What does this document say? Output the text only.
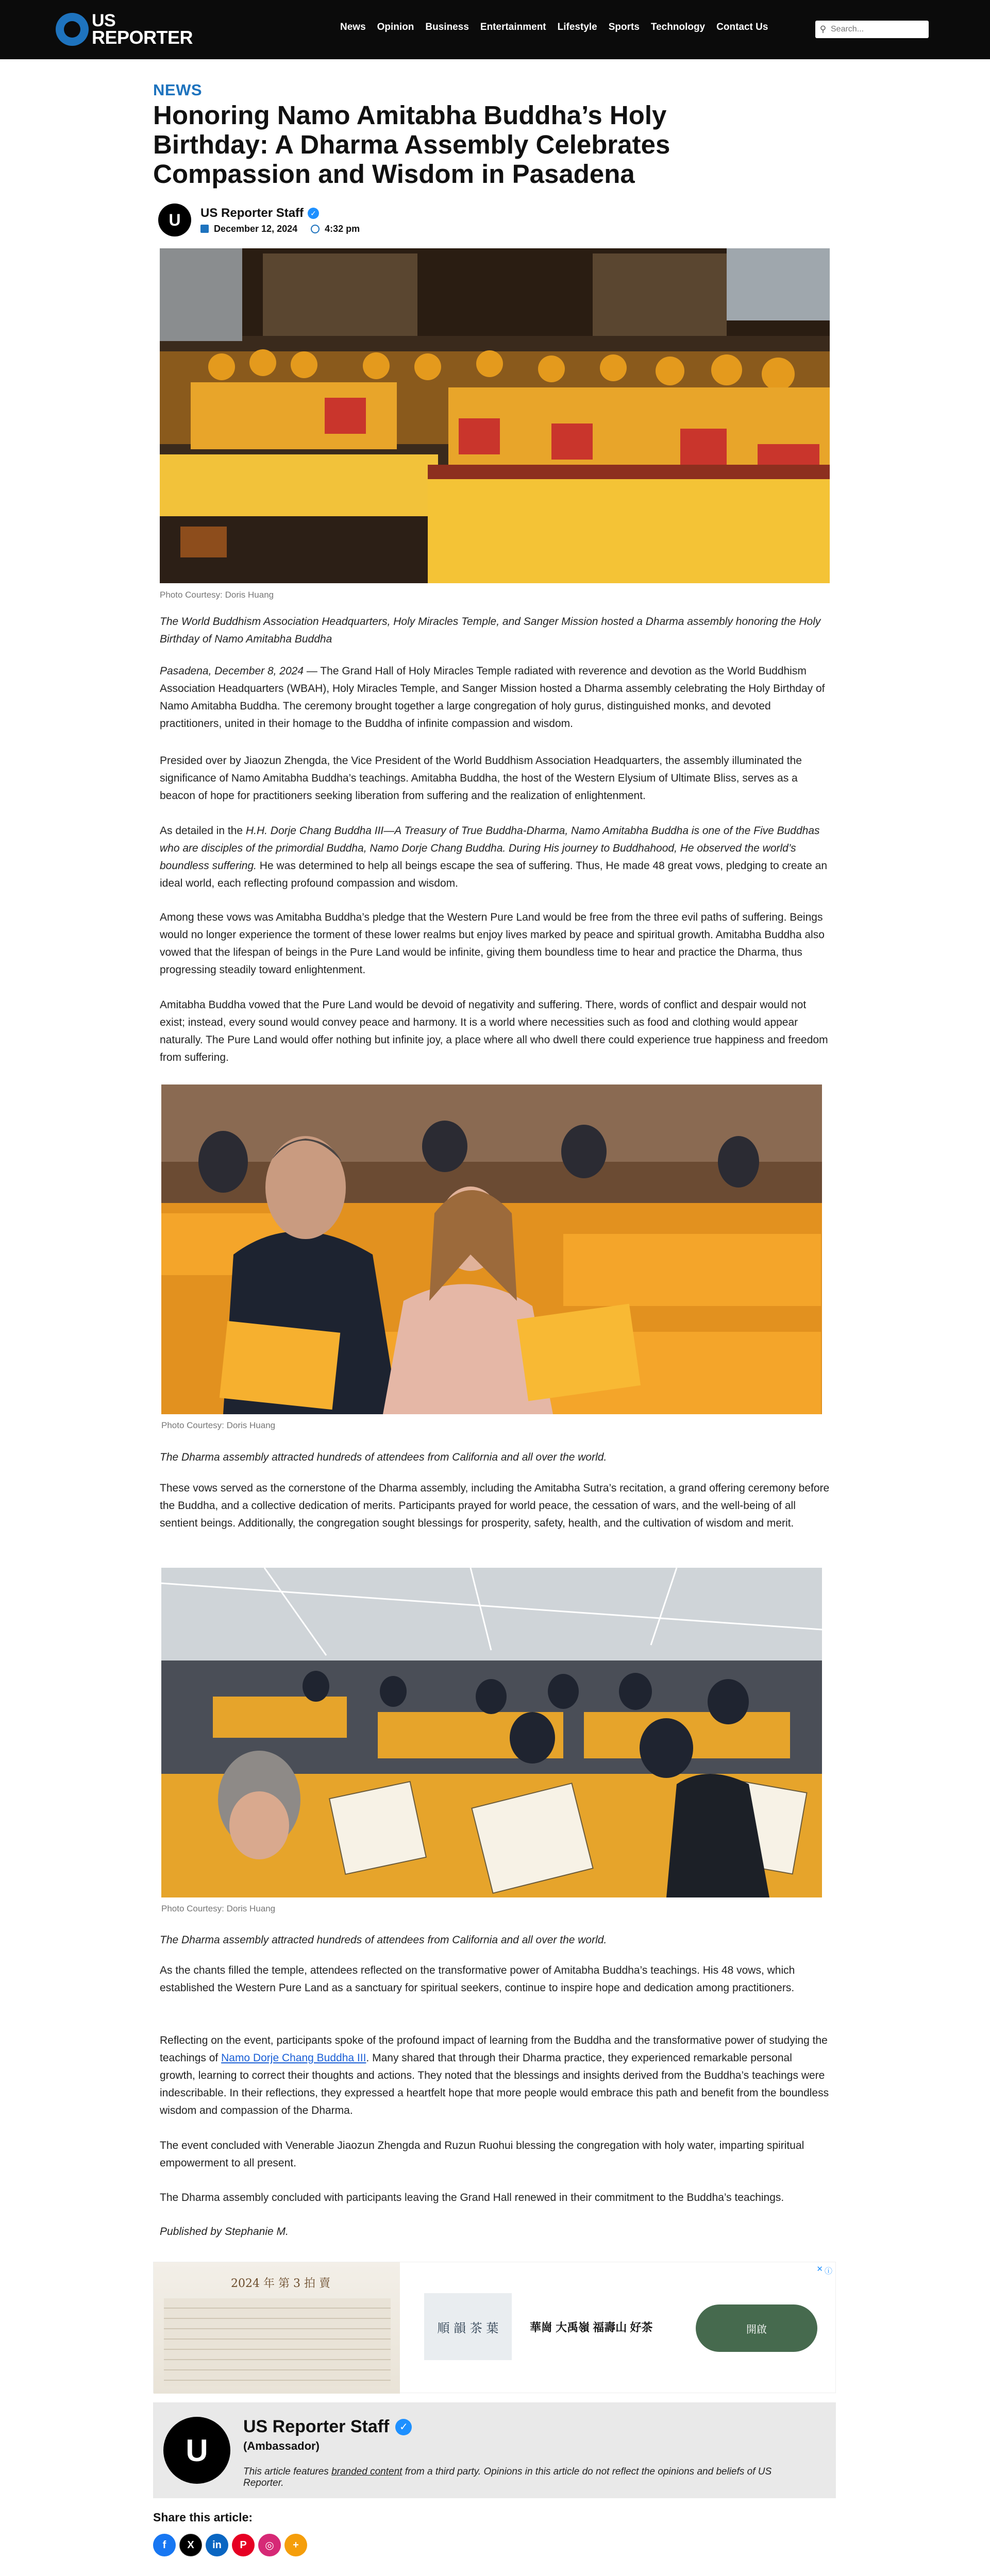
US
REPORTER	News Opinion Business Entertainment Lifestyle Sports Technology Contact Us	⚲
Search...
NEWS
Honoring Namo Amitabha Buddha’s Holy Birthday: A Dharma Assembly Celebrates Compassion and Wisdom in Pasadena
U	US Reporter Staff ✓
December 12, 2024	4:32 pm
Photo Courtesy: Doris Huang

The World Buddhism Association Headquarters, Holy Miracles Temple, and Sanger Mission hosted a Dharma assembly honoring the Holy Birthday of Namo Amitabha Buddha

Pasadena, December 8, 2024 — The Grand Hall of Holy Miracles Temple radiated with reverence and devotion as the World Buddhism Association Headquarters (WBAH), Holy Miracles Temple, and Sanger Mission hosted a Dharma assembly celebrating the Holy Birthday of Namo Amitabha Buddha. The ceremony brought together a large congregation of holy gurus, distinguished monks, and devoted practitioners, united in their homage to the Buddha of infinite compassion and wisdom.

Presided over by Jiaozun Zhengda, the Vice President of the World Buddhism Association Headquarters, the assembly illuminated the significance of Namo Amitabha Buddha’s teachings. Amitabha Buddha, the host of the Western Elysium of Ultimate Bliss, serves as a beacon of hope for practitioners seeking liberation from suffering and the realization of enlightenment.

As detailed in the H.H. Dorje Chang Buddha III—A Treasury of True Buddha-Dharma, Namo Amitabha Buddha is one of the Five Buddhas who are disciples of the primordial Buddha, Namo Dorje Chang Buddha. During His journey to Buddhahood, He observed the world’s boundless suffering. He was determined to help all beings escape the sea of suffering. Thus, He made 48 great vows, pledging to create an ideal world, each reflecting profound compassion and wisdom.

Among these vows was Amitabha Buddha’s pledge that the Western Pure Land would be free from the three evil paths of suffering. Beings would no longer experience the torment of these lower realms but enjoy lives marked by peace and spiritual growth. Amitabha Buddha also vowed that the lifespan of beings in the Pure Land would be infinite, giving them boundless time to hear and practice the Dharma, thus progressing steadily toward enlightenment.

Amitabha Buddha vowed that the Pure Land would be devoid of negativity and suffering. There, words of conflict and despair would not exist; instead, every sound would convey peace and harmony. It is a world where necessities such as food and clothing would appear naturally. The Pure Land would offer nothing but infinite joy, a place where all who dwell there could experience true happiness and freedom from suffering.

Photo Courtesy: Doris Huang

The Dharma assembly attracted hundreds of attendees from California and all over the world.

These vows served as the cornerstone of the Dharma assembly, including the Amitabha Sutra’s recitation, a grand offering ceremony before the Buddha, and a collective dedication of merits. Participants prayed for world peace, the cessation of wars, and the well-being of all sentient beings. Additionally, the congregation sought blessings for prosperity, safety, health, and the cultivation of wisdom and merit.

Photo Courtesy: Doris Huang

The Dharma assembly attracted hundreds of attendees from California and all over the world.

As the chants filled the temple, attendees reflected on the transformative power of Amitabha Buddha’s teachings. His 48 vows, which established the Western Pure Land as a sanctuary for spiritual seekers, continue to inspire hope and dedication among practitioners.

Reflecting on the event, participants spoke of the profound impact of learning from the Buddha and the transformative power of studying the teachings of Namo Dorje Chang Buddha III. Many shared that through their Dharma practice, they experienced remarkable personal growth, learning to correct their thoughts and actions. They noted that the blessings and insights derived from the Buddha’s teachings were indescribable. In their reflections, they expressed a heartfelt hope that more people would embrace this path and benefit from the boundless wisdom and compassion of the Dharma.

The event concluded with Venerable Jiaozun Zhengda and Ruzun Ruohui blessing the congregation with holy water, imparting spiritual empowerment to all present.

The Dharma assembly concluded with participants leaving the Grand Hall renewed in their commitment to the Buddha’s teachings.

Published by Stephanie M.

2024 年 第 3 拍 賣
ⓘ
✕
順 韻 茶 葉	華崗 大禹嶺 福壽山 好茶	開啟
U
US Reporter Staff ✓
(Ambassador)
This article features branded content from a third party. Opinions in this article do not reflect the opinions and beliefs of US Reporter.
Share this article:
f	X	in	P	◎	+
